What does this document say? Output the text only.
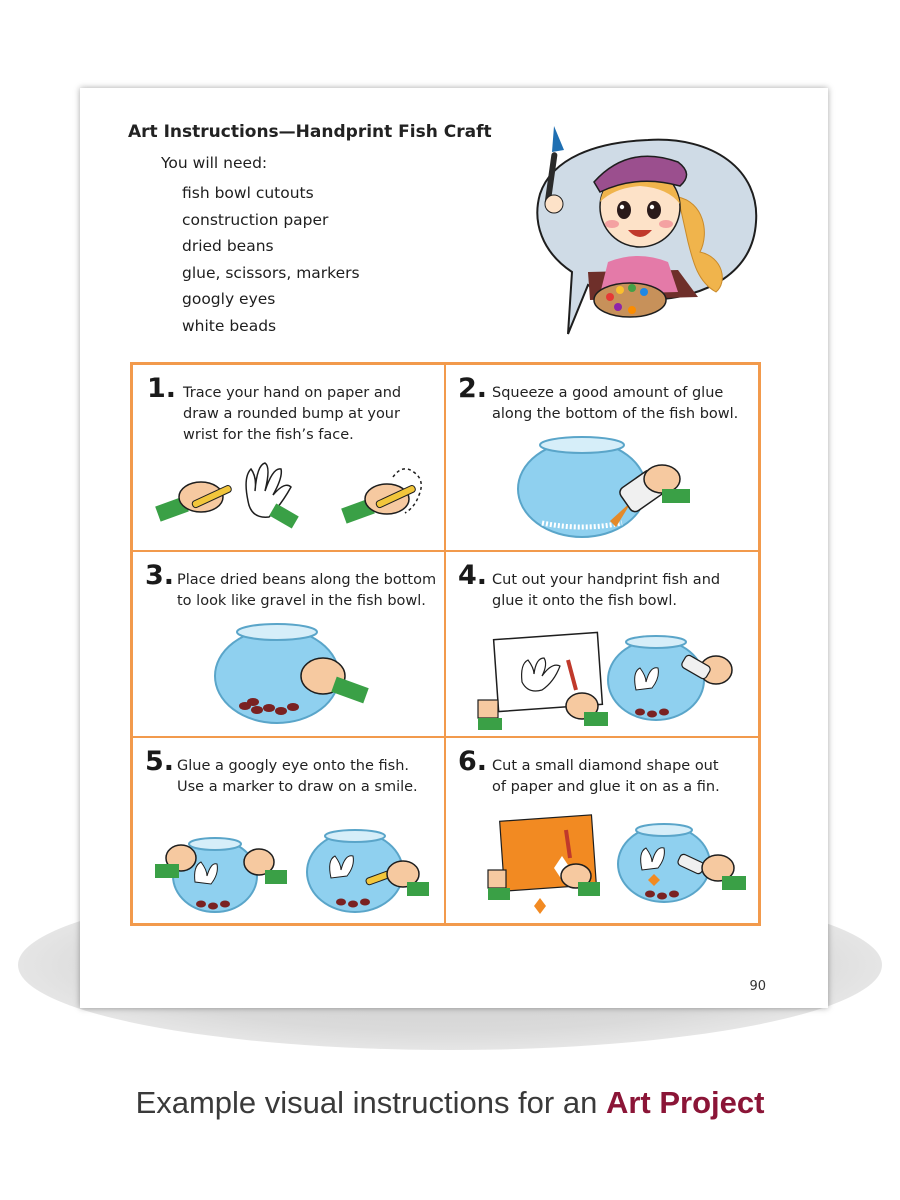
Art Instructions—Handprint Fish Craft
You will need:
fish bowl cutouts
construction paper
dried beans
glue, scissors, markers
googly eyes
white beads
1. Trace your hand on paper and
draw a rounded bump at your
wrist for the fish’s face.
2. Squeeze a good amount of glue
along the bottom of the fish bowl.
3. Place dried beans along the bottom
to look like gravel in the fish bowl.
4. Cut out your handprint fish and
glue it onto the fish bowl.
5. Glue a googly eye onto the fish.
Use a marker to draw on a smile.
6. Cut a small diamond shape out
of paper and glue it on as a fin.
90
Example visual instructions for an Art Project
